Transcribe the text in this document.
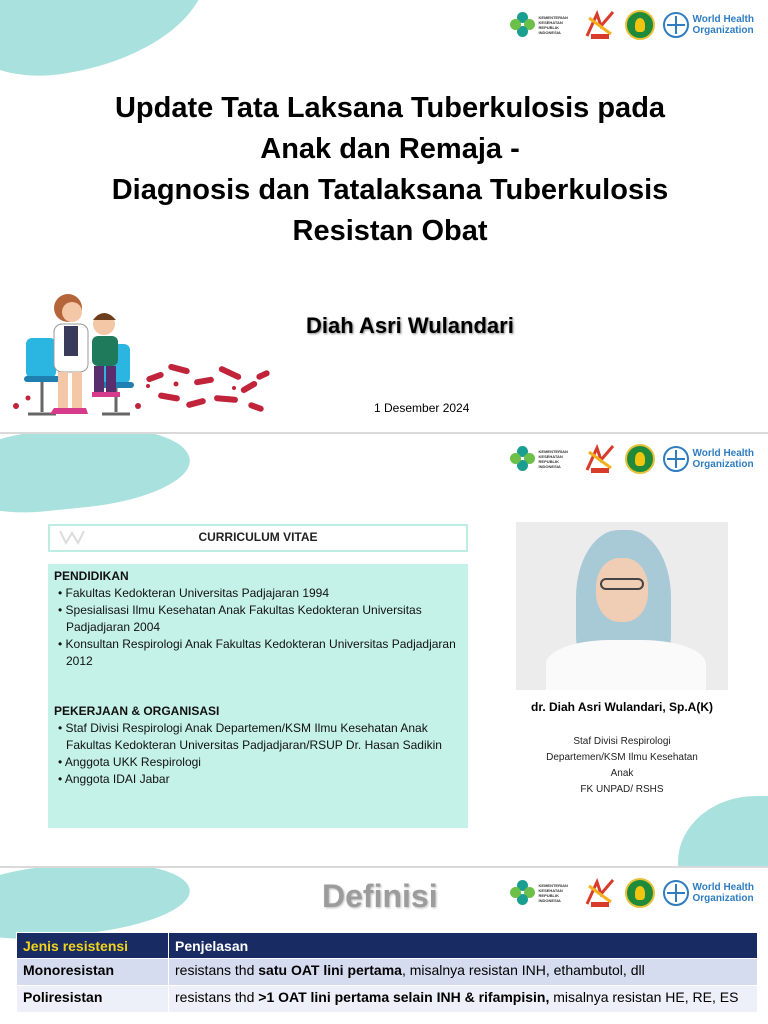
KEMENTERIAN KESEHATAN REPUBLIK INDONESIA
World Health
Organization
Update Tata Laksana Tuberkulosis pada
Anak dan Remaja -
Diagnosis dan Tatalaksana Tuberkulosis
Resistan Obat
Diah Asri Wulandari
1 Desember 2024
KEMENTERIAN KESEHATAN REPUBLIK INDONESIA
World Health
Organization
CURRICULUM VITAE
PENDIDIKAN
• Fakultas Kedokteran Universitas Padjajaran 1994
• Spesialisasi Ilmu Kesehatan Anak Fakultas Kedokteran Universitas Padjadjaran 2004
• Konsultan Respirologi Anak Fakultas Kedokteran Universitas Padjadjaran 2012
PEKERJAAN & ORGANISASI
• Staf Divisi Respirologi Anak Departemen/KSM Ilmu Kesehatan Anak Fakultas Kedokteran Universitas Padjadjaran/RSUP Dr. Hasan Sadikin
• Anggota UKK Respirologi
• Anggota IDAI Jabar
dr. Diah Asri Wulandari, Sp.A(K)
Staf Divisi Respirologi
Departemen/KSM Ilmu Kesehatan
Anak
FK UNPAD/ RSHS
KEMENTERIAN KESEHATAN REPUBLIK INDONESIA
World Health
Organization
Definisi
Jenis resistensi	Penjelasan
Monoresistan	resistans thd satu OAT lini pertama, misalnya resistan INH, ethambutol, dll
Poliresistan	resistans thd >1 OAT lini pertama selain INH & rifampisin, misalnya resistan HE, RE, ES
